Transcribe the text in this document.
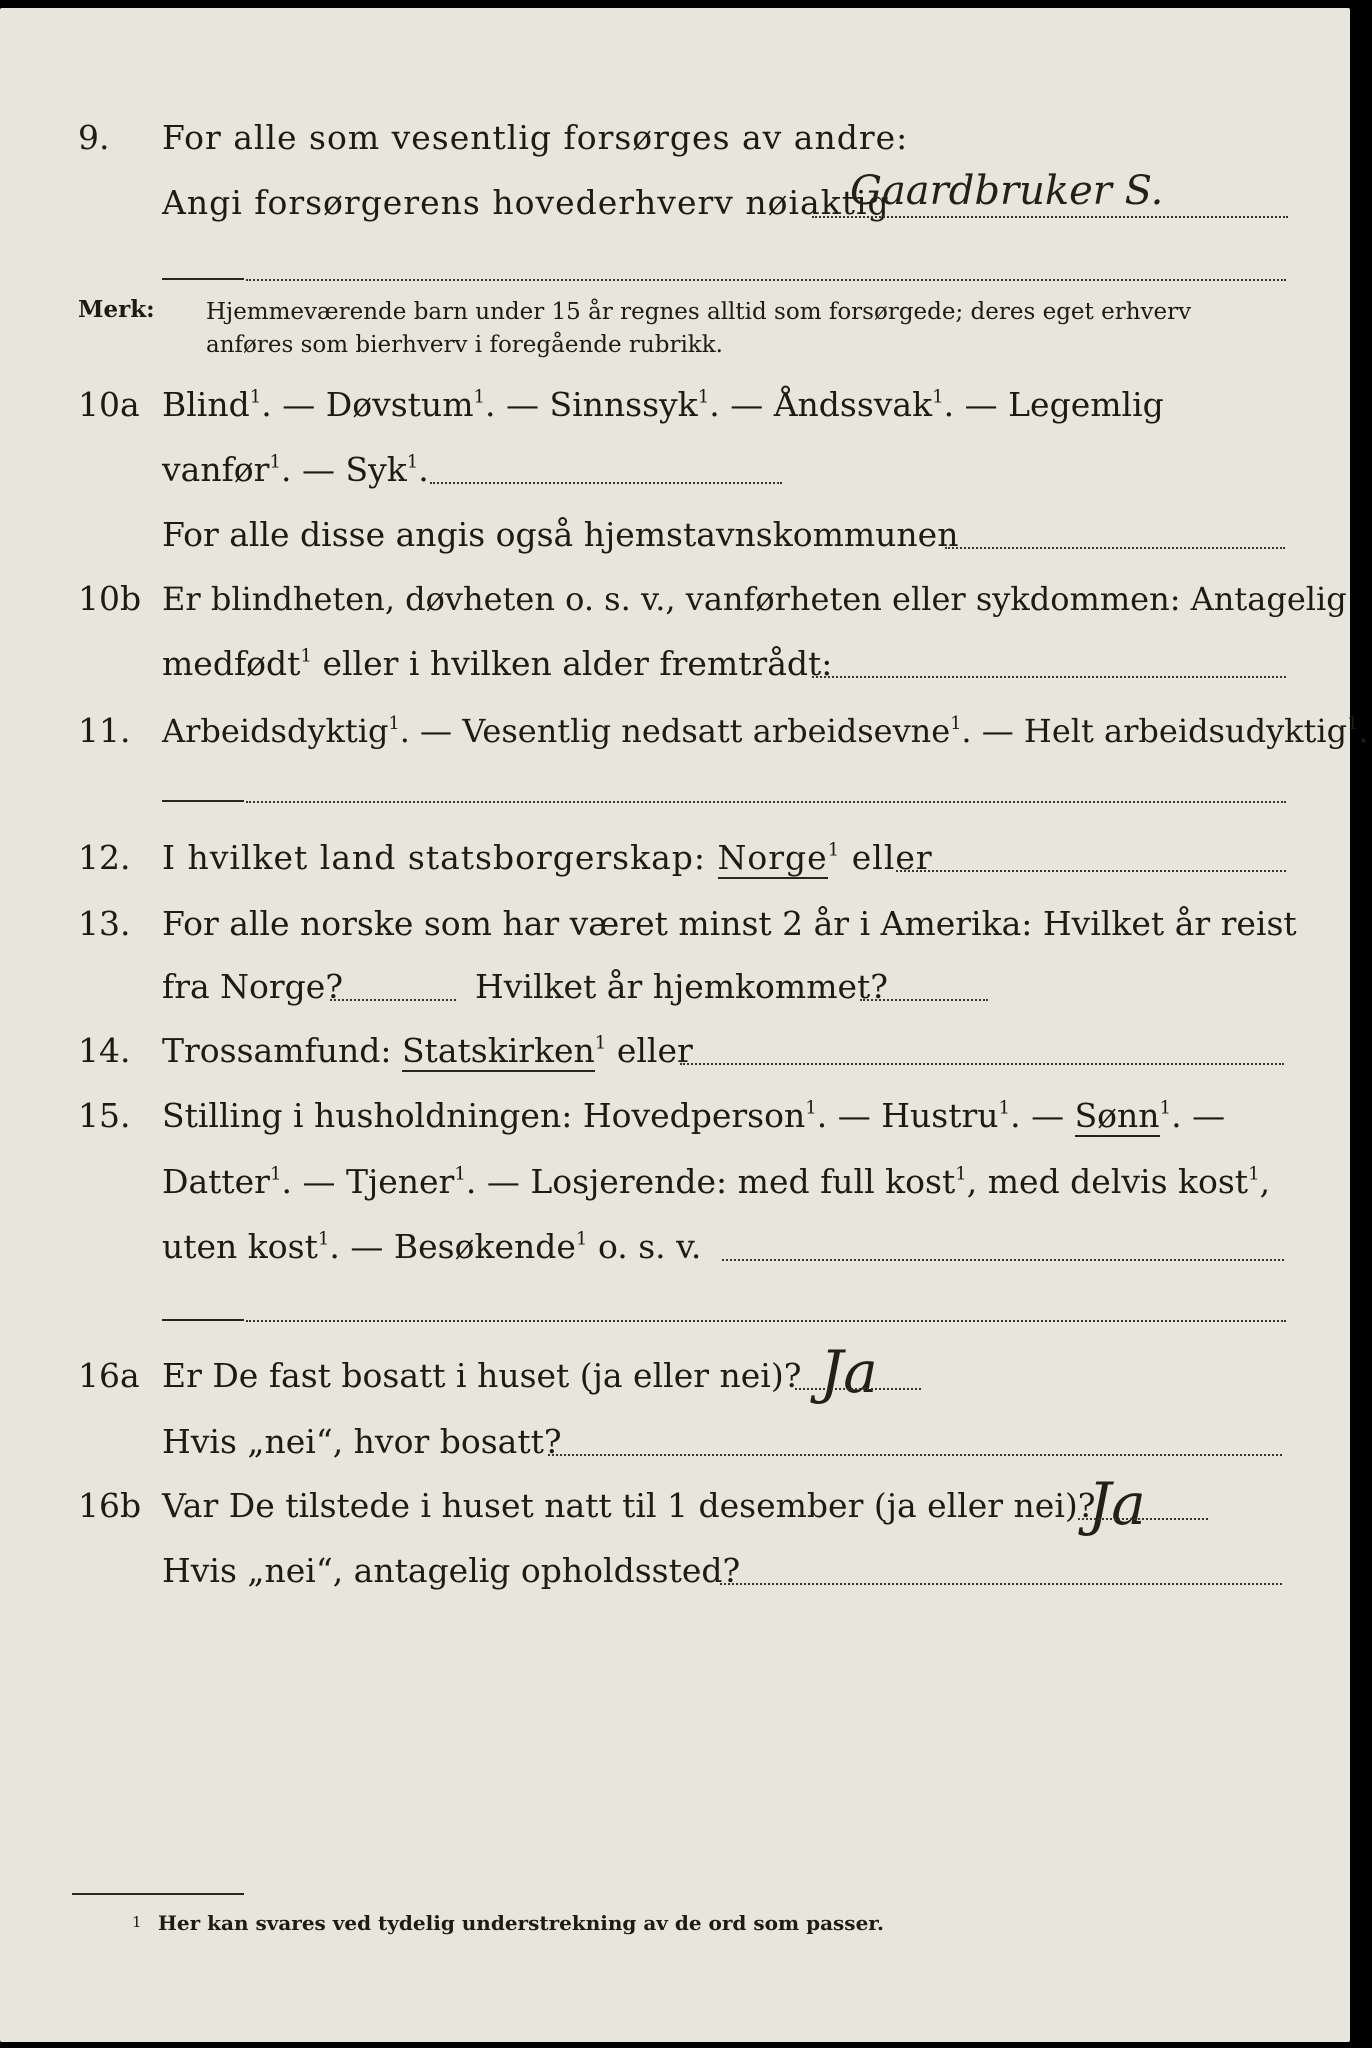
9. For alle som vesentlig forsørges av andre:
Angi forsørgerens hovederhverv nøiaktig
Gaardbruker S.
Merk: Hjemmeværende barn under 15 år regnes alltid som forsørgede; deres eget erhverv
anføres som bierhverv i foregående rubrikk.
10a Blind$^1$. — Døvstum$^1$. — Sinnssyk$^1$. — Åndssvak$^1$. — Legemlig
vanfør$^1$. — Syk$^1$.
For alle disse angis også hjemstavnskommunen
10b Er blindheten, døvheten o. s. v., vanførheten eller sykdommen: Antagelig
medfødt$^1$ eller i hvilken alder fremtrådt:
11. Arbeidsdyktig$^1$. — Vesentlig nedsatt arbeidsevne$^1$. — Helt arbeidsudyktig$^1$.
12. I hvilket land statsborgerskap: Norge$^1$ eller
13. For alle norske som har været minst 2 år i Amerika: Hvilket år reist
fra Norge?	Hvilket år hjemkommet?
14. Trossamfund: Statskirken$^1$ eller
15. Stilling i husholdningen: Hovedperson$^1$. — Hustru$^1$. — Sønn$^1$. —
Datter$^1$. — Tjener$^1$. — Losjerende: med full kost$^1$, med delvis kost$^1$,
uten kost$^1$. — Besøkende$^1$ o. s. v.
16a Er De fast bosatt i huset (ja eller nei)? Ja
Hvis „nei“, hvor bosatt?
16b Var De tilstede i huset natt til 1 desember (ja eller nei)?
Ja
Hvis „nei“, antagelig opholdssted?
1 Her kan svares ved tydelig understrekning av de ord som passer.
